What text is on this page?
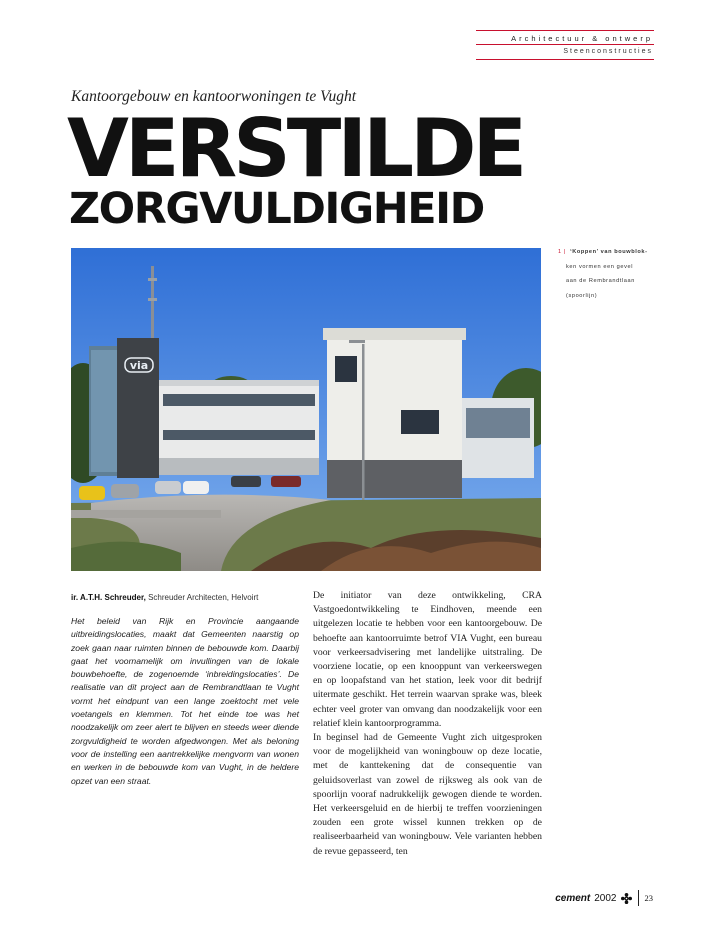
Architectuur & ontwerp
Steenconstructies
Kantoorgebouw en kantoorwoningen te Vught
VERSTILDE
ZORGVULDIGHEID
1 | ‘Koppen’ van bouwblok-
ken vormen een gevel
aan de Rembrandtlaan
(spoorlijn)
via
ir. A.T.H. Schreuder, Schreuder Architecten, Helvoirt
Het beleid van Rijk en Provincie aangaande uitbreidingslocaties, maakt dat Gemeenten naarstig op zoek gaan naar ruimten binnen de bebouwde kom. Daarbij gaat het voornamelijk om invullingen van de lokale bouwbehoefte, de zogenoemde ‘inbreidingslocaties’. De realisatie van dit project aan de Rembrandtlaan te Vught vormt het eindpunt van een lange zoektocht met vele voetangels en klemmen. Tot het einde toe was het noodzakelijk om zeer alert te blijven en steeds weer diende zorgvuldigheid te worden afgedwongen. Met als beloning voor de instelling een aantrekkelijke mengvorm van wonen en werken in de bebouwde kom van Vught, in de heldere opzet van een straat.

De initiator van deze ontwikkeling, CRA Vastgoedontwikkeling te Eindhoven, meende een uitgelezen locatie te hebben voor een kantoorgebouw. De behoefte aan kantoorruimte betrof VIA Vught, een bureau voor verkeersadvisering met landelijke uitstraling. De voorziene locatie, op een knooppunt van verkeerswegen en op loopafstand van het station, leek voor dit bedrijf uitermate geschikt. Het terrein waarvan sprake was, bleek echter veel groter van omvang dan noodzakelijk voor een relatief klein kantoorprogramma.

In beginsel had de Gemeente Vught zich uitgesproken voor de mogelijkheid van woningbouw op deze locatie, met de kanttekening dat de consequentie van geluidsoverlast van zowel de rijksweg als ook van de spoorlijn vooraf nadrukkelijk gewogen diende te worden. Het verkeersgeluid en de hierbij te treffen voorzieningen zouden een grote wissel kunnen trekken op de realiseerbaarheid van woningbouw. Vele varianten hebben de revue gepasseerd, ten

cement 2002	23
